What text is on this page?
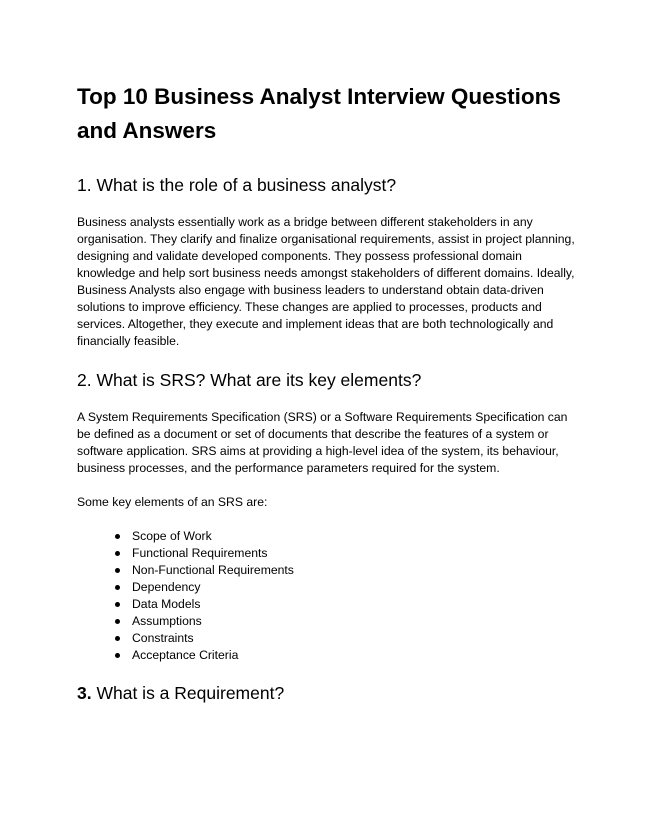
Top 10 Business Analyst Interview Questions and Answers
1. What is the role of a business analyst?

Business analysts essentially work as a bridge between different stakeholders in any organisation. They clarify and finalize organisational requirements, assist in project planning, designing and validate developed components. They possess professional domain knowledge and help sort business needs amongst stakeholders of different domains. Ideally, Business Analysts also engage with business leaders to understand obtain data-driven solutions to improve efficiency. These changes are applied to processes, products and services. Altogether, they execute and implement ideas that are both technologically and financially feasible.

2. What is SRS? What are its key elements?

A System Requirements Specification (SRS) or a Software Requirements Specification can be defined as a document or set of documents that describe the features of a system or software application. SRS aims at providing a high-level idea of the system, its behaviour, business processes, and the performance parameters required for the system.

Some key elements of an SRS are:

Scope of Work
Functional Requirements
Non-Functional Requirements
Dependency
Data Models
Assumptions
Constraints
Acceptance Criteria
3. What is a Requirement?
